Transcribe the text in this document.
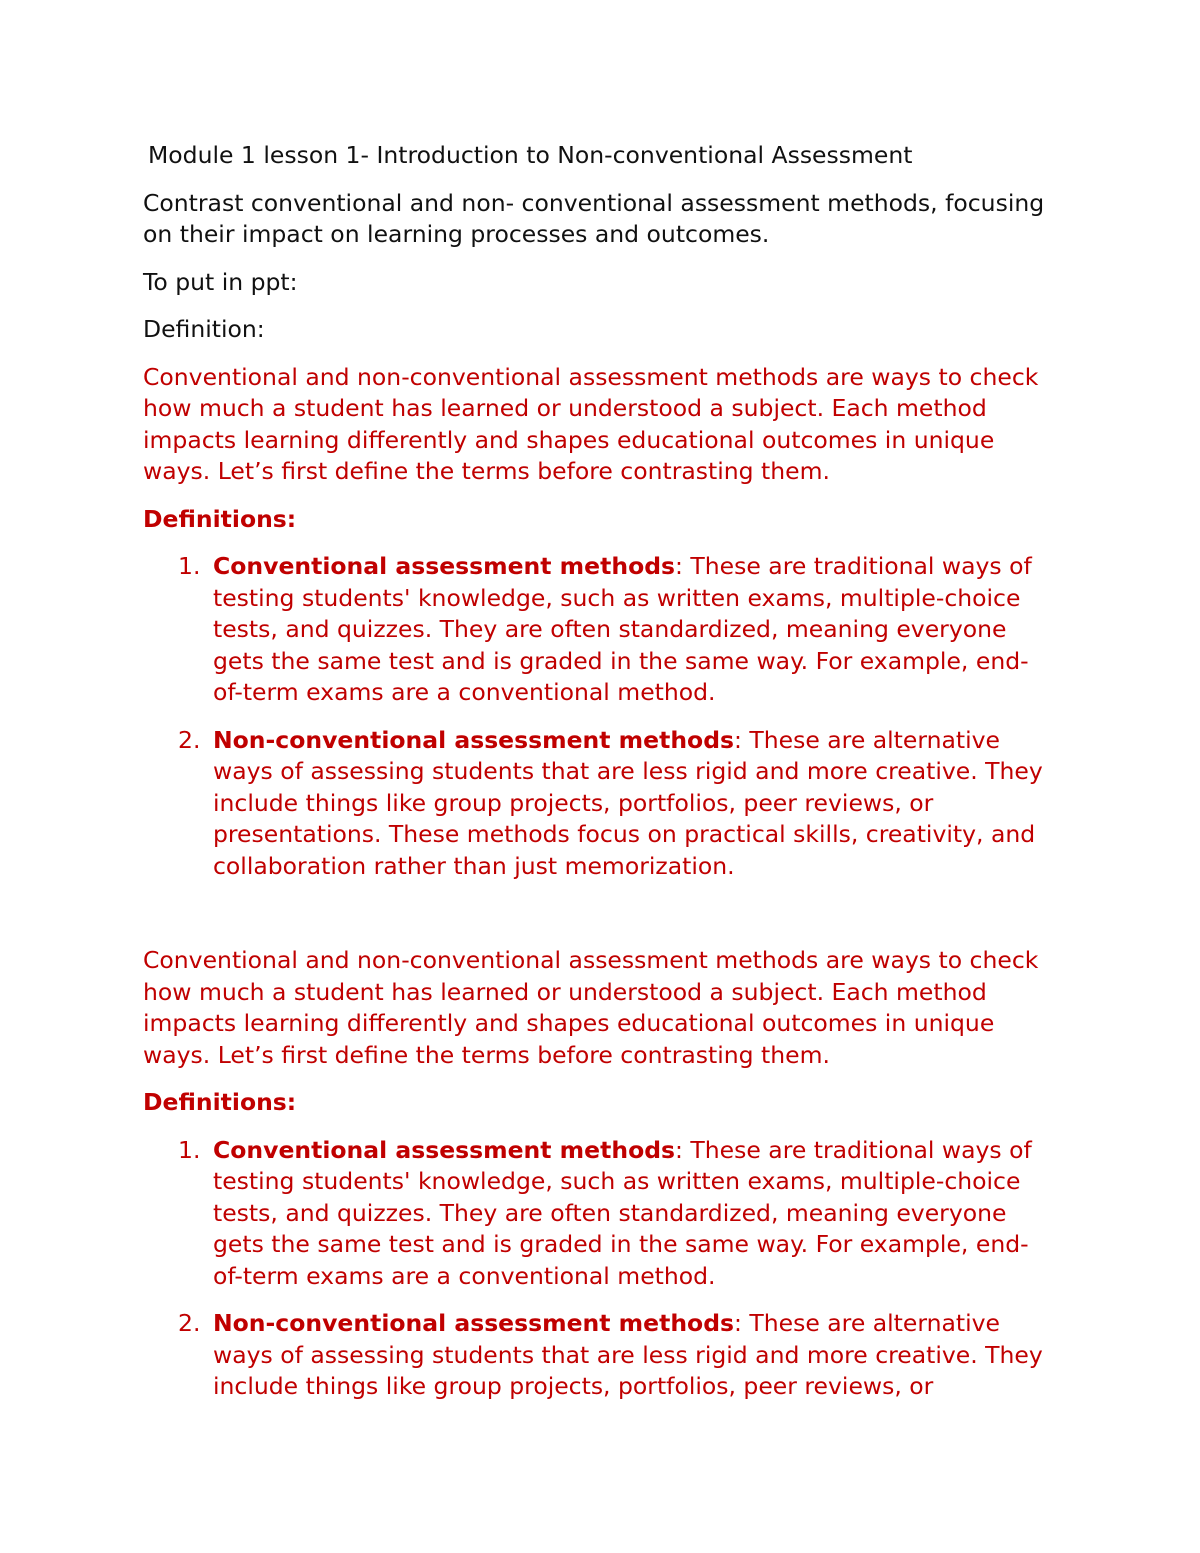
Module 1 lesson 1- Introduction to Non-conventional Assessment

Contrast conventional and non- conventional assessment methods, focusing
on their impact on learning processes and outcomes.

To put in ppt:

Definition:

Conventional and non-conventional assessment methods are ways to check
how much a student has learned or understood a subject. Each method
impacts learning differently and shapes educational outcomes in unique
ways. Let’s first define the terms before contrasting them.

Definitions:

1. Conventional assessment methods: These are traditional ways of
testing students' knowledge, such as written exams, multiple-choice
tests, and quizzes. They are often standardized, meaning everyone
gets the same test and is graded in the same way. For example, end-
of-term exams are a conventional method.
2. Non-conventional assessment methods: These are alternative
ways of assessing students that are less rigid and more creative. They
include things like group projects, portfolios, peer reviews, or
presentations. These methods focus on practical skills, creativity, and
collaboration rather than just memorization.

Conventional and non-conventional assessment methods are ways to check
how much a student has learned or understood a subject. Each method
impacts learning differently and shapes educational outcomes in unique
ways. Let’s first define the terms before contrasting them.

Definitions:

1. Conventional assessment methods: These are traditional ways of
testing students' knowledge, such as written exams, multiple-choice
tests, and quizzes. They are often standardized, meaning everyone
gets the same test and is graded in the same way. For example, end-
of-term exams are a conventional method.
2. Non-conventional assessment methods: These are alternative
ways of assessing students that are less rigid and more creative. They
include things like group projects, portfolios, peer reviews, or
